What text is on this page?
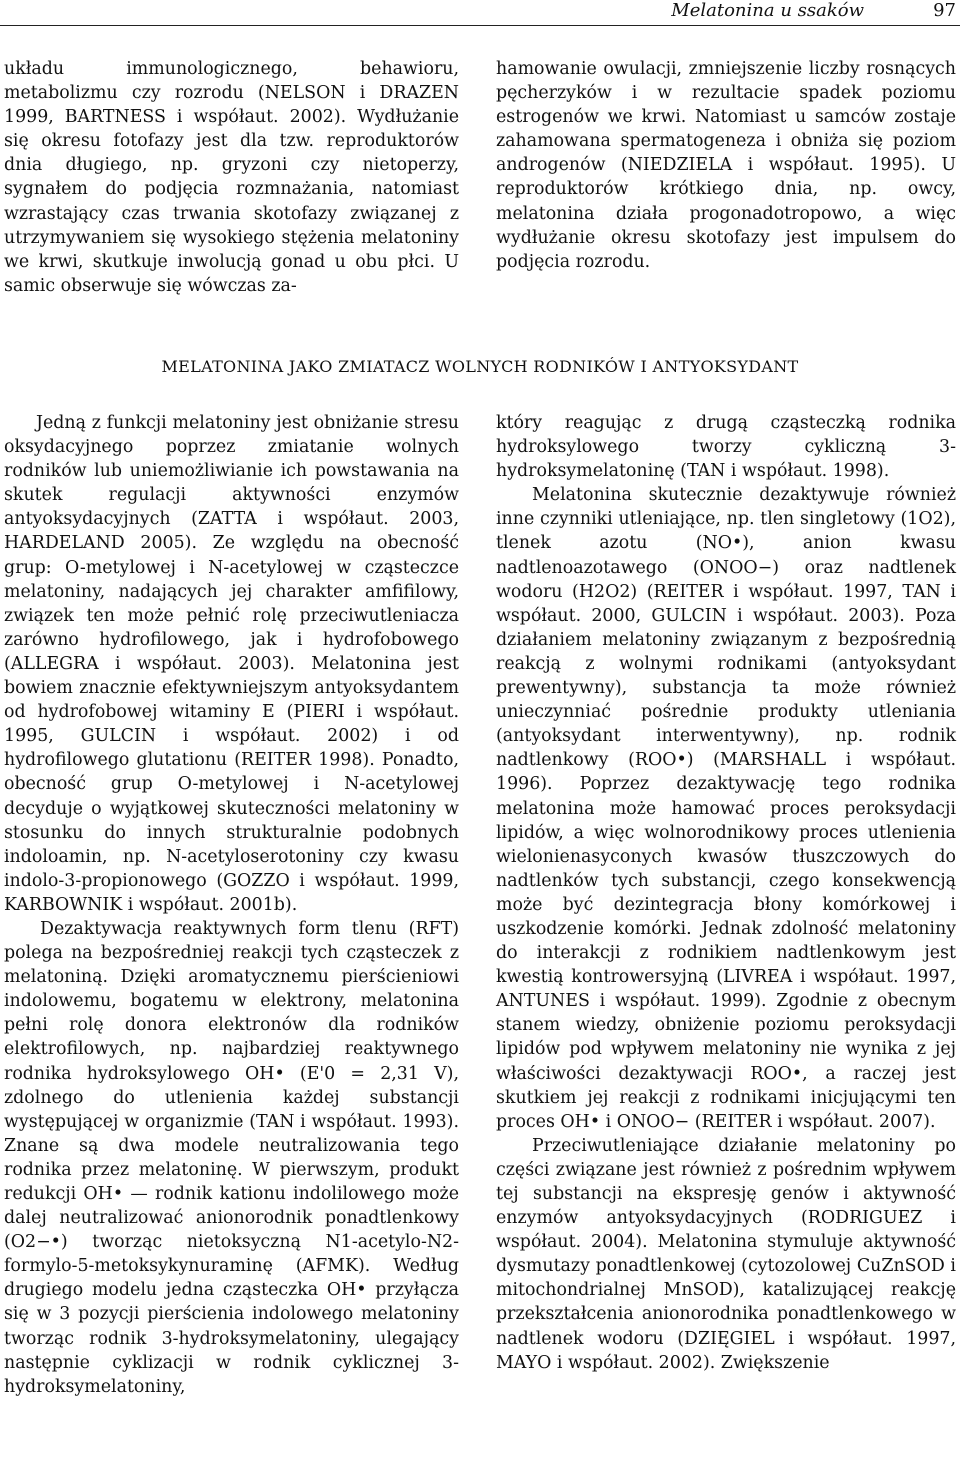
Melatonina u ssaków	97

układu immunologicznego, behawioru, metabolizmu czy rozrodu (NELSON i DRAZEN 1999, BARTNESS i współaut. 2002). Wydłużanie się okresu fotofazy jest dla tzw. reproduktorów dnia długiego, np. gryzoni czy nietoperzy, sygnałem do podjęcia rozmnażania, natomiast wzrastający czas trwania skotofazy związanej z utrzymywaniem się wysokiego stężenia melatoniny we krwi, skutkuje inwolucją gonad u obu płci. U samic obserwuje się wówczas za-

hamowanie owulacji, zmniejszenie liczby rosnących pęcherzyków i w rezultacie spadek poziomu estrogenów we krwi. Natomiast u samców zostaje zahamowana spermatogeneza i obniża się poziom androgenów (NIEDZIELA i współaut. 1995). U reproduktorów krótkiego dnia, np. owcy, melatonina działa progonadotropowo, a więc wydłużanie okresu skotofazy jest impulsem do podjęcia rozrodu.

MELATONINA JAKO ZMIATACZ WOLNYCH RODNIKÓW I ANTYOKSYDANT

Jedną z funkcji melatoniny jest obniżanie stresu oksydacyjnego poprzez zmiatanie wolnych rodników lub uniemożliwianie ich powstawania na skutek regulacji aktywności enzymów antyoksydacyjnych (ZATTA i współaut. 2003, HARDELAND 2005). Ze względu na obecność grup: O-metylowej i N-acetylowej w cząsteczce melatoniny, nadających jej charakter amfifilowy, związek ten może pełnić rolę przeciwutleniacza zarówno hydrofilowego, jak i hydrofobowego (ALLEGRA i współaut. 2003). Melatonina jest bowiem znacznie efektywniejszym antyoksydantem od hydrofobowej witaminy E (PIERI i współaut. 1995, GULCIN i współaut. 2002) i od hydrofilowego glutationu (REITER 1998). Ponadto, obecność grup O-metylowej i N-acetylowej decyduje o wyjątkowej skuteczności melatoniny w stosunku do innych strukturalnie podobnych indoloamin, np. N-acetyloserotoniny czy kwasu indolo-3-propionowego (GOZZO i współaut. 1999, KARBOWNIK i współaut. 2001b).

Dezaktywacja reaktywnych form tlenu (RFT) polega na bezpośredniej reakcji tych cząsteczek z melatoniną. Dzięki aromatycznemu pierścieniowi indolowemu, bogatemu w elektrony, melatonina pełni rolę donora elektronów dla rodników elektrofilowych, np. najbardziej reaktywnego rodnika hydroksylowego OH• (E'0 = 2,31 V), zdolnego do utlenienia każdej substancji występującej w organizmie (TAN i współaut. 1993). Znane są dwa modele neutralizowania tego rodnika przez melatoninę. W pierwszym, produkt redukcji OH• — rodnik kationu indolilowego może dalej neutralizować anionorodnik ponadtlenkowy (O2−•) tworząc nietoksyczną N1-acetylo-N2-formylo-5-metoksykynuraminę (AFMK). Według drugiego modelu jedna cząsteczka OH• przyłącza się w 3 pozycji pierścienia indolowego melatoniny tworząc rodnik 3-hydroksymelatoniny, ulegający następnie cyklizacji w rodnik cyklicznej 3-hydroksymelatoniny,

który reagując z drugą cząsteczką rodnika hydroksylowego tworzy cykliczną 3-hydroksymelatoninę (TAN i współaut. 1998).

Melatonina skutecznie dezaktywuje również inne czynniki utleniające, np. tlen singletowy (1O2), tlenek azotu (NO•), anion kwasu nadtlenoazotawego (ONOO−) oraz nadtlenek wodoru (H2O2) (REITER i współaut. 1997, TAN i współaut. 2000, GULCIN i współaut. 2003). Poza działaniem melatoniny związanym z bezpośrednią reakcją z wolnymi rodnikami (antyoksydant prewentywny), substancja ta może również unieczynniać pośrednie produkty utleniania (antyoksydant interwentywny), np. rodnik nadtlenkowy (ROO•) (MARSHALL i współaut. 1996). Poprzez dezaktywację tego rodnika melatonina może hamować proces peroksydacji lipidów, a więc wolnorodnikowy proces utlenienia wielonienasyconych kwasów tłuszczowych do nadtlenków tych substancji, czego konsekwencją może być dezintegracja błony komórkowej i uszkodzenie komórki. Jednak zdolność melatoniny do interakcji z rodnikiem nadtlenkowym jest kwestią kontrowersyjną (LIVREA i współaut. 1997, ANTUNES i współaut. 1999). Zgodnie z obecnym stanem wiedzy, obniżenie poziomu peroksydacji lipidów pod wpływem melatoniny nie wynika z jej właściwości dezaktywacji ROO•, a raczej jest skutkiem jej reakcji z rodnikami inicjującymi ten proces OH• i ONOO− (REITER i współaut. 2007).

Przeciwutleniające działanie melatoniny po części związane jest również z pośrednim wpływem tej substancji na ekspresję genów i aktywność enzymów antyoksydacyjnych (RODRIGUEZ i współaut. 2004). Melatonina stymuluje aktywność dysmutazy ponadtlenkowej (cytozolowej CuZnSOD i mitochondrialnej MnSOD), katalizującej reakcję przekształcenia anionorodnika ponadtlenkowego w nadtlenek wodoru (DZIĘGIEL i współaut. 1997, MAYO i współaut. 2002). Zwiększenie
